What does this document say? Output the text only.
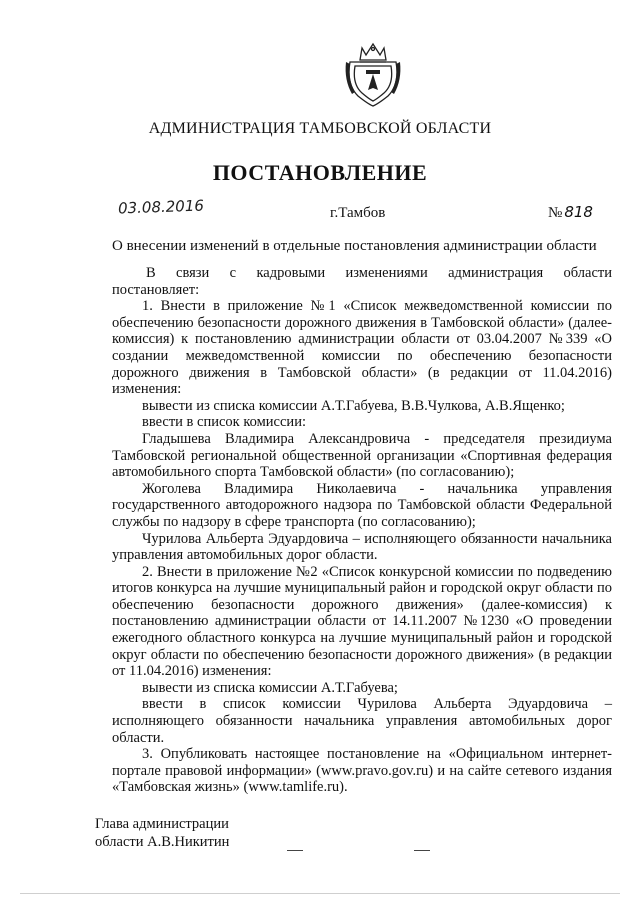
АДМИНИСТРАЦИЯ ТАМБОВСКОЙ ОБЛАСТИ
ПОСТАНОВЛЕНИЕ
03.08.2016	г.Тамбов	№ 818
О внесении изменений в отдельные постановления администрации области

В связи с кадровыми изменениями администрация области

постановляет:

1. Внести в приложение №1 «Список межведомственной комиссии по обеспечению безопасности дорожного движения в Тамбовской области» (далее-комиссия) к постановлению администрации области от 03.04.2007 №339 «О создании межведомственной комиссии по обеспечению безопасности дорожного движения в Тамбовской области» (в редакции от 11.04.2016) изменения:

вывести из списка комиссии А.Т.Габуева, В.В.Чулкова, А.В.Ященко;

ввести в список комиссии:

Гладышева Владимира Александровича - председателя президиума Тамбовской региональной общественной организации «Спортивная федерация автомобильного спорта Тамбовской области» (по согласованию);

Жоголева Владимира Николаевича - начальника управления государственного автодорожного надзора по Тамбовской области Федеральной службы по надзору в сфере транспорта (по согласованию);

Чурилова Альберта Эдуардовича – исполняющего обязанности начальника управления автомобильных дорог области.

2. Внести в приложение №2 «Список конкурсной комиссии по подведению итогов конкурса на лучшие муниципальный район и городской округ области по обеспечению безопасности дорожного движения» (далее-комиссия) к постановлению администрации области от 14.11.2007 №1230 «О проведении ежегодного областного конкурса на лучшие муниципальный район и городской округ области по обеспечению безопасности дорожного движения» (в редакции от 11.04.2016) изменения:

вывести из списка комиссии А.Т.Габуева;

ввести в список комиссии Чурилова Альберта Эдуардовича – исполняющего обязанности начальника управления автомобильных дорог области.

3. Опубликовать настоящее постановление на «Официальном интернет-портале правовой информации» (www.pravo.gov.ru) и на сайте сетевого издания «Тамбовская жизнь» (www.tamlife.ru).

Глава администрации
области А.В.Никитин
